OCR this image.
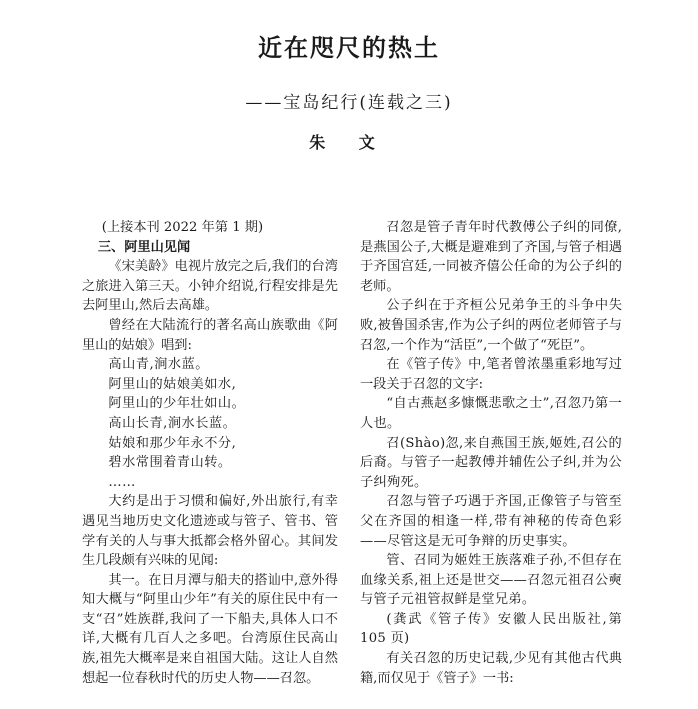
近在咫尺的热土
——宝岛纪行(连载之三)
朱 文

(上接本刊 2022 年第 1 期)

三、阿里山见闻

《宋美龄》电视片放完之后,我们的台湾之旅进入第三天。小钟介绍说,行程安排是先去阿里山,然后去高雄。

曾经在大陆流行的著名高山族歌曲《阿里山的姑娘》唱到:

高山青,涧水蓝。

阿里山的姑娘美如水,

阿里山的少年壮如山。

高山长青,涧水长蓝。

姑娘和那少年永不分,

碧水常围着青山转。

……

大约是出于习惯和偏好,外出旅行,有幸遇见当地历史文化遗迹或与管子、管书、管学有关的人与事大抵都会格外留心。其间发生几段颇有兴味的见闻:

其一。在日月潭与船夫的搭讪中,意外得知大概与“阿里山少年”有关的原住民中有一支“召”姓族群,我问了一下船夫,具体人口不详,大概有几百人之多吧。台湾原住民高山族,祖先大概率是来自祖国大陆。这让人自然想起一位春秋时代的历史人物——召忽。

召忽是管子青年时代教傅公子纠的同僚,是燕国公子,大概是避难到了齐国,与管子相遇于齐国宫廷,一同被齐僖公任命的为公子纠的老师。

公子纠在于齐桓公兄弟争王的斗争中失败,被鲁国杀害,作为公子纠的两位老师管子与召忽,一个作为“活臣”,一个做了“死臣”。

在《管子传》中,笔者曾浓墨重彩地写过一段关于召忽的文字:

“自古燕赵多慷慨悲歌之士”,召忽乃第一人也。

召(Shào)忽,来自燕国王族,姬姓,召公的后裔。与管子一起教傅并辅佐公子纠,并为公子纠殉死。

召忽与管子巧遇于齐国,正像管子与管至父在齐国的相逢一样,带有神秘的传奇色彩——尽管这是无可争辩的历史事实。

管、召同为姬姓王族落难子孙,不但存在血缘关系,祖上还是世交——召忽元祖召公奭与管子元祖管叔鲜是堂兄弟。

(龚武《管子传》安徽人民出版社,第 105 页)

有关召忽的历史记载,少见有其他古代典籍,而仅见于《管子》一书:
